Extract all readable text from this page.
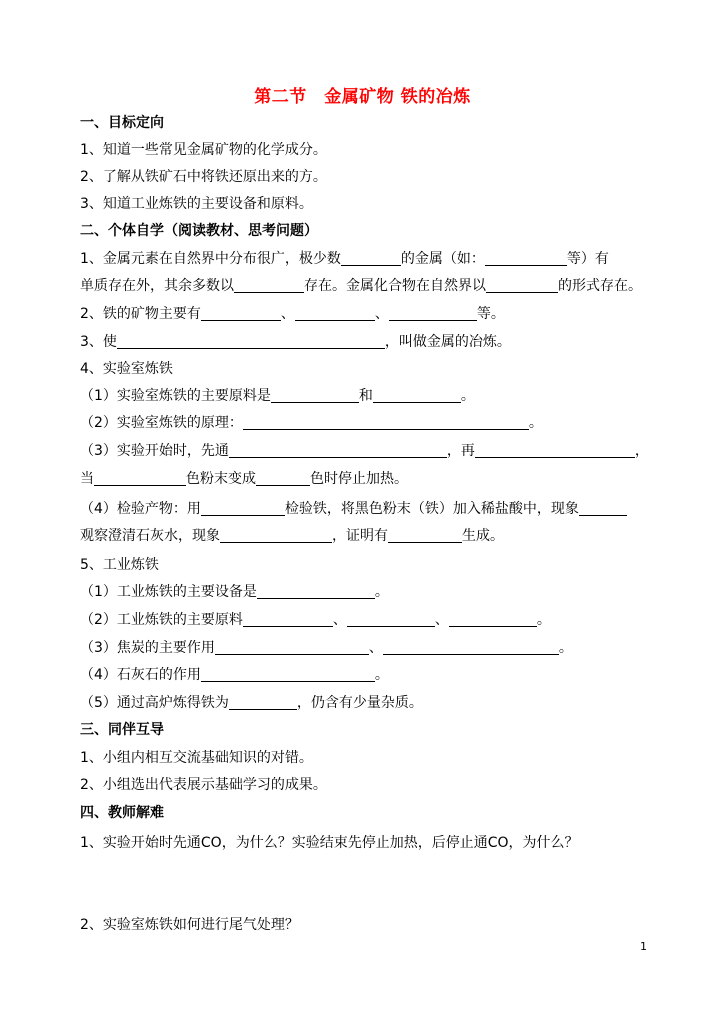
第二节　金属矿物 铁的冶炼
一、目标定向
1、知道一些常见金属矿物的化学成分。
2、了解从铁矿石中将铁还原出来的方。
3、知道工业炼铁的主要设备和原料。
二、个体自学（阅读教材、思考问题）
1、金属元素在自然界中分布很广，极少数	的金属（如：	等）有
单质存在外，其余多数以	存在。金属化合物在自然界以	的形式存在。
2、铁的矿物主要有	、	、	等。
3、使	，叫做金属的冶炼。
4、实验室炼铁
（1）实验室炼铁的主要原料是	和	。
（2）实验室炼铁的原理：	。
（3）实验开始时，先通	，再	，
当	色粉末变成	色时停止加热。
（4）检验产物：用	检验铁，将黑色粉末（铁）加入稀盐酸中，现象
观察澄清石灰水，现象	，证明有	生成。
5、工业炼铁
（1）工业炼铁的主要设备是	。
（2）工业炼铁的主要原料	、	、	。
（3）焦炭的主要作用	、	。
（4）石灰石的作用	。
（5）通过高炉炼得铁为	，仍含有少量杂质。
三、同伴互导
1、小组内相互交流基础知识的对错。
2、小组选出代表展示基础学习的成果。
四、教师解难
1、实验开始时先通CO，为什么？实验结束先停止加热，后停止通CO，为什么？
2、实验室炼铁如何进行尾气处理？
1
